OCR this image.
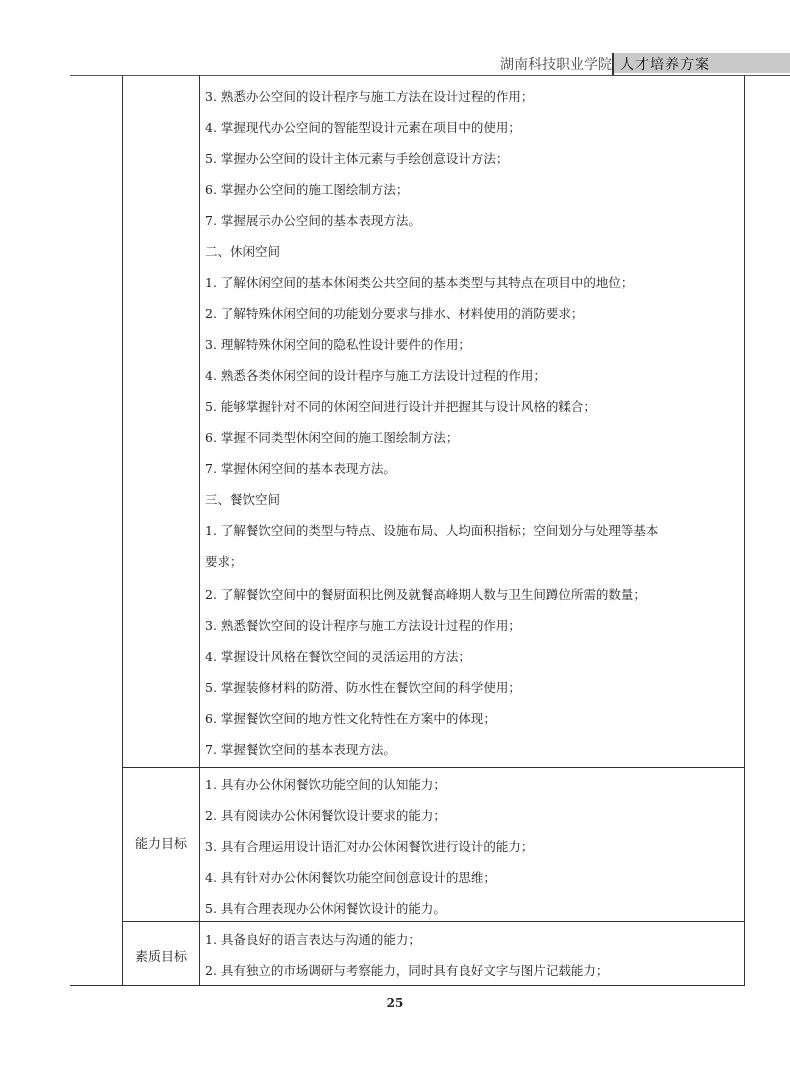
湖南科技职业学院 人才培养方案
3. 熟悉办公空间的设计程序与施工方法在设计过程的作用；
4. 掌握现代办公空间的智能型设计元素在项目中的使用；
5. 掌握办公空间的设计主体元素与手绘创意设计方法；
6. 掌握办公空间的施工图绘制方法；
7. 掌握展示办公空间的基本表现方法。
二、休闲空间
1. 了解休闲空间的基本休闲类公共空间的基本类型与其特点在项目中的地位；
2. 了解特殊休闲空间的功能划分要求与排水、材料使用的消防要求；
3. 理解特殊休闲空间的隐私性设计要件的作用；
4. 熟悉各类休闲空间的设计程序与施工方法设计过程的作用；
5. 能够掌握针对不同的休闲空间进行设计并把握其与设计风格的糅合；
6. 掌握不同类型休闲空间的施工图绘制方法；
7. 掌握休闲空间的基本表现方法。
三、餐饮空间
1. 了解餐饮空间的类型与特点、设施布局、人均面积指标；空间划分与处理等基本
要求；
2. 了解餐饮空间中的餐厨面积比例及就餐高峰期人数与卫生间蹲位所需的数量；
3. 熟悉餐饮空间的设计程序与施工方法设计过程的作用；
4. 掌握设计风格在餐饮空间的灵活运用的方法；
5. 掌握装修材料的防滑、防水性在餐饮空间的科学使用；
6. 掌握餐饮空间的地方性文化特性在方案中的体现；
7. 掌握餐饮空间的基本表现方法。
能力目标
1. 具有办公休闲餐饮功能空间的认知能力；
2. 具有阅读办公休闲餐饮设计要求的能力；
3. 具有合理运用设计语汇对办公休闲餐饮进行设计的能力；
4. 具有针对办公休闲餐饮功能空间创意设计的思维；
5. 具有合理表现办公休闲餐饮设计的能力。
素质目标
1. 具备良好的语言表达与沟通的能力；
2. 具有独立的市场调研与考察能力，同时具有良好文字与图片记载能力；
25
